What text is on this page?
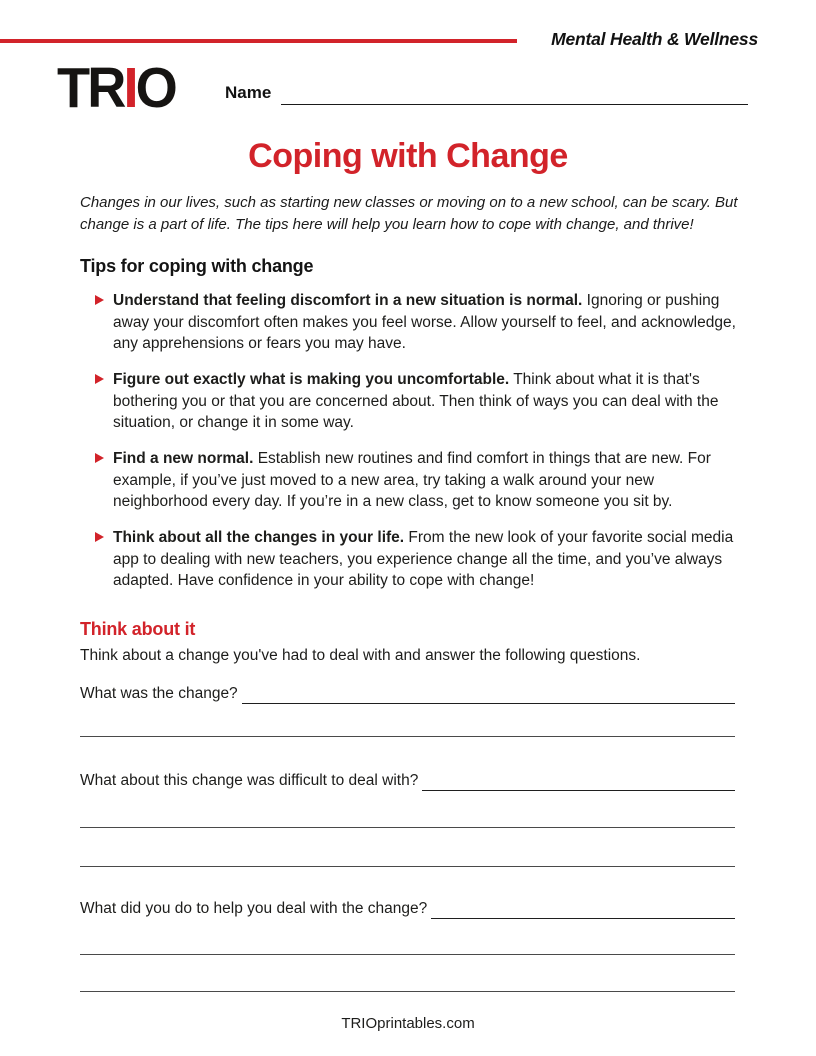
Mental Health & Wellness
TRIO	Name
Coping with Change
Changes in our lives, such as starting new classes or moving on to a new school, can be scary. But change is a part of life. The tips here will help you learn how to cope with change, and thrive!
Tips for coping with change
Understand that feeling discomfort in a new situation is normal. Ignoring or pushing away your discomfort often makes you feel worse. Allow yourself to feel, and acknowledge, any apprehensions or fears you may have.
Figure out exactly what is making you uncomfortable. Think about what it is that's bothering you or that you are concerned about. Then think of ways you can deal with the situation, or change it in some way.
Find a new normal. Establish new routines and find comfort in things that are new. For example, if you’ve just moved to a new area, try taking a walk around your new neighborhood every day. If you’re in a new class, get to know someone you sit by.
Think about all the changes in your life. From the new look of your favorite social media app to dealing with new teachers, you experience change all the time, and you’ve always adapted. Have confidence in your ability to cope with change!
Think about it
Think about a change you've had to deal with and answer the following questions.
What was the change?
What about this change was difficult to deal with?
What did you do to help you deal with the change?
TRIOprintables.com
